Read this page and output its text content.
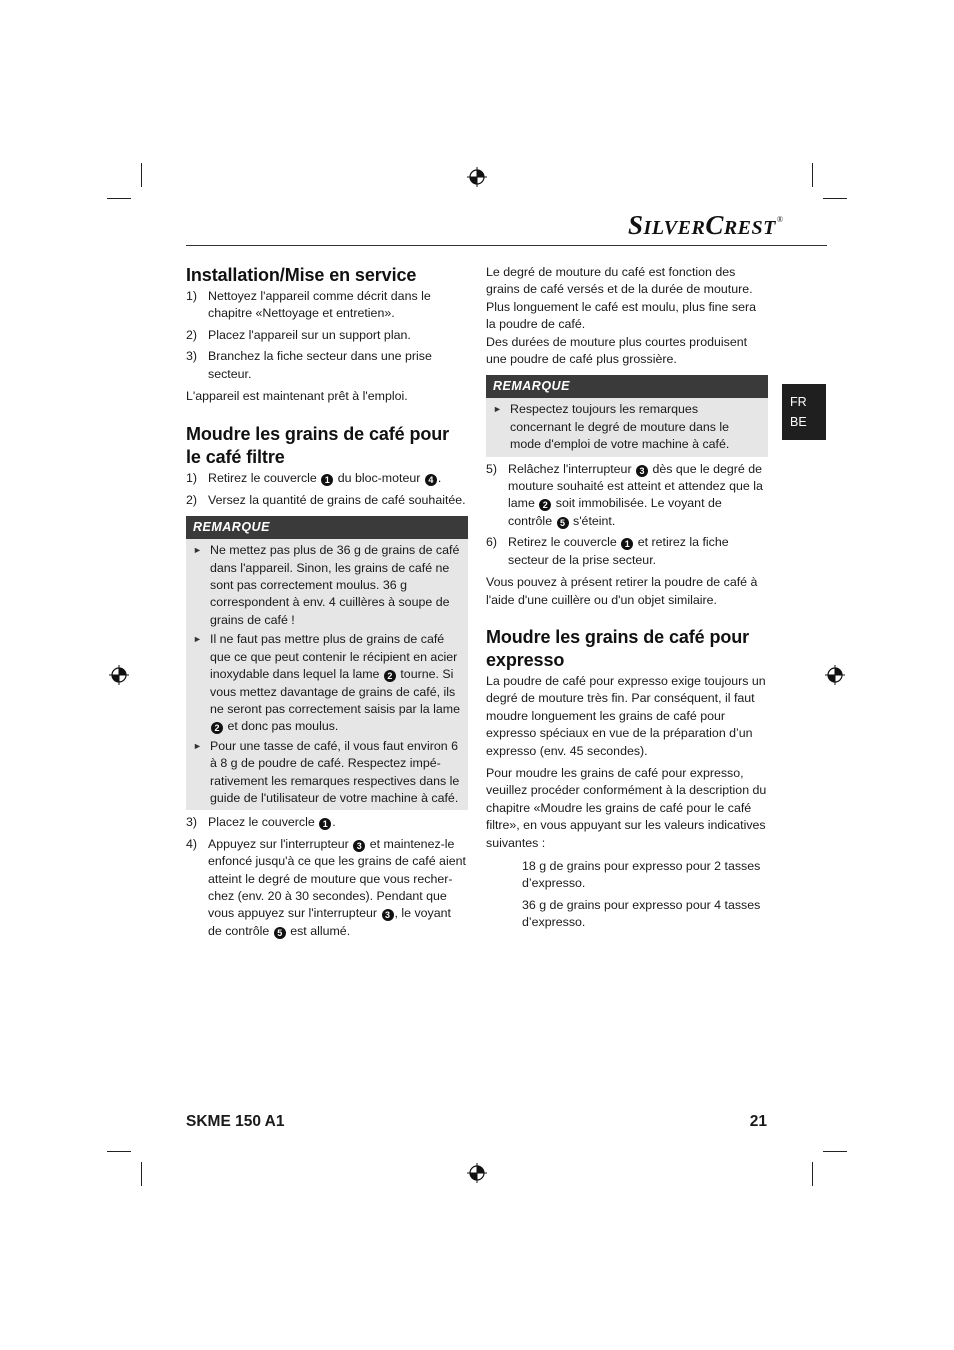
SILVERCREST®
FR
BE
Installation/Mise en service
1) Nettoyez l'appareil comme décrit dans le chapitre «Nettoyage et entretien».
2) Placez l'appareil sur un support plan.
3) Branchez la fiche secteur dans une prise secteur.

L'appareil est maintenant prêt à l'emploi.

Moudre les grains de café pour le café filtre
1) Retirez le couvercle 1 du bloc-moteur 4 .
2) Versez la quantité de grains de café souhaitée.
REMARQUE
► Ne mettez pas plus de 36 g de grains de café dans l'appareil. Sinon, les grains de café ne sont pas correctement moulus. 36 g correspondent à env. 4 cuillères à soupe de grains de café !
► Il ne faut pas mettre plus de grains de café que ce que peut contenir le récipient en acier inoxydable dans lequel la lame 2 tourne. Si vous mettez davantage de grains de café, ils ne seront pas correctement saisis par la lame 2 et donc pas moulus.
► Pour une tasse de café, il vous faut environ 6 à 8 g de poudre de café. Respectez impérativement les remarques respectives dans le guide de l'utilisateur de votre machine à café.
3) Placez le couvercle 1 .
4) Appuyez sur l'interrupteur 3 et maintenez-le enfoncé jusqu'à ce que les grains de café aient atteint le degré de mouture que vous recherchez (env. 20 à 30 secondes). Pendant que vous appuyez sur l'interrupteur 3 , le voyant de contrôle 5 est allumé.

Le degré de mouture du café est fonction des grains de café versés et de la durée de mouture.

Plus longuement le café est moulu, plus fine sera la poudre de café.

Des durées de mouture plus courtes produisent une poudre de café plus grossière.

REMARQUE
► Respectez toujours les remarques concernant le degré de mouture dans le mode d'emploi de votre machine à café.
5) Relâchez l'interrupteur 3 dès que le degré de mouture souhaité est atteint et attendez que la lame 2 soit immobilisée. Le voyant de contrôle 5 s'éteint.
6) Retirez le couvercle 1 et retirez la fiche secteur de la prise secteur.

Vous pouvez à présent retirer la poudre de café à l'aide d'une cuillère ou d'un objet similaire.

Moudre les grains de café pour expresso

La poudre de café pour expresso exige toujours un degré de mouture très fin. Par conséquent, il faut moudre longuement les grains de café pour expresso spéciaux en vue de la préparation d’un expresso (env. 45 secondes).

Pour moudre les grains de café pour expresso, veuillez procéder conformément à la description du chapitre «Moudre les grains de café pour le café filtre», en vous appuyant sur les valeurs indicatives suivantes :

18 g de grains pour expresso pour 2 tasses d’expresso.

36 g de grains pour expresso pour 4 tasses d’expresso.

SKME 150 A1	21
